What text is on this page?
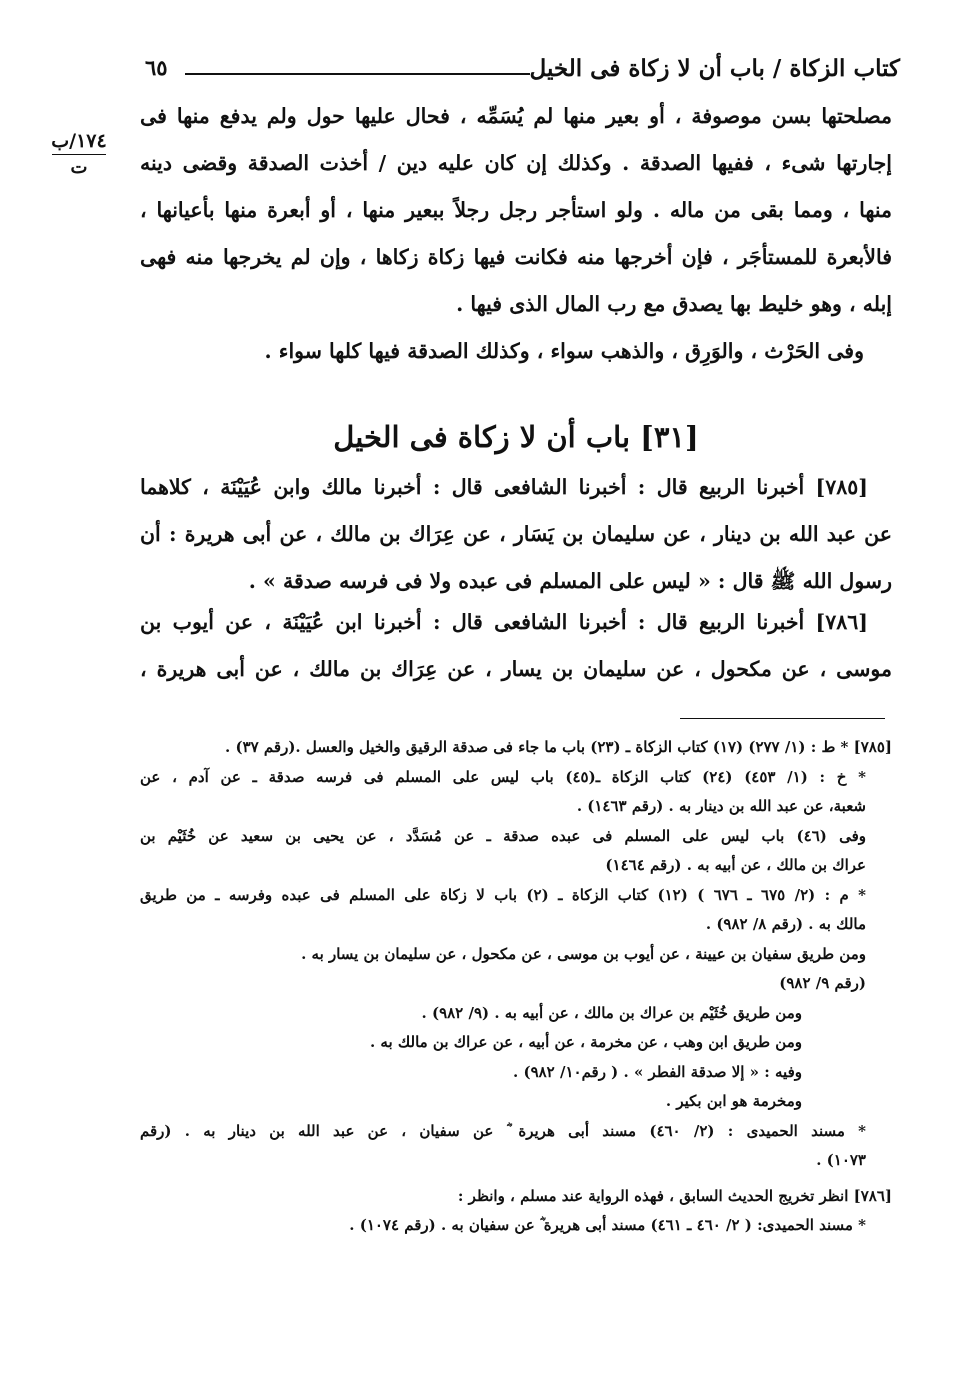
كتاب الزكاة / باب أن لا زكاة فى الخيل
٦٥
١٧٤/ب
ت
مصلحتها بسن موصوفة ، أو بعير منها لم يُسَمِّه ، فحال عليها حول ولم يدفع منها فى
إجارتها شىء ، ففيها الصدقة . وكذلك إن كان عليه دين / أخذت الصدقة وقضى دينه
منها ، ومما بقى من ماله . ولو استأجر رجل رجلاً ببعير منها ، أو أبعرة منها بأعيانها ،
فالأبعرة للمستأجَر ، فإن أخرجها منه فكانت فيها زكاة زكاها ، وإن لم يخرجها منه فهى
إبله ، وهو خليط بها يصدق مع رب المال الذى فيها .
وفى الحَرْث ، والوَرِق ، والذهب سواء ، وكذلك الصدقة فيها كلها سواء .
[٣١] باب أن لا زكاة فى الخيل
[٧٨٥] أخبرنا الربيع قال : أخبرنا الشافعى قال : أخبرنا مالك وابن عُيَيْنَة ، كلاهما
عن عبد الله بن دينار ، عن سليمان بن يَسَار ، عن عِرَاك بن مالك ، عن أبى هريرة : أن
رسول الله ﷺ قال : « ليس على المسلم فى عبده ولا فى فرسه صدقة » .
[٧٨٦] أخبرنا الربيع قال : أخبرنا الشافعى قال : أخبرنا ابن عُيَيْنَة ، عن أيوب بن
موسى ، عن مكحول ، عن سليمان بن يسار ، عن عِرَاك بن مالك ، عن أبى هريرة ،
[٧٨٥] * ط : (١/ ٢٧٧) (١٧) كتاب الزكاة ـ (٢٣) باب ما جاء فى صدقة الرقيق والخيل والعسل .(رقم ٣٧) .
* خ : (١/ ٤٥٣) (٢٤) كتاب الزكاة ـ(٤٥) باب ليس على المسلم فى فرسه صدقة ـ عن آدم ، عن
شعبة، عن عبد الله بن دينار به . (رقم ١٤٦٣) .
وفى (٤٦) باب ليس على المسلم فى عبده صدقة ـ عن مُسَدَّد ، عن يحيى بن سعيد عن خُثَيْم بن
عراك بن مالك ، عن أبيه به . (رقم ١٤٦٤)
* م : (٢/ ٦٧٥ ـ ٦٧٦ ) (١٢) كتاب الزكاة ـ (٢) باب لا زكاة على المسلم فى عبده وفرسه ـ من طريق
مالك به . (رقم ٨/ ٩٨٢) .
ومن طريق سفيان بن عيينة ، عن أيوب بن موسى ، عن مكحول ، عن سليمان بن يسار به .
(رقم ٩/ ٩٨٢)
ومن طريق خُثَيْم بن عراك بن مالك ، عن أبيه به . (٩/ ٩٨٢) .
ومن طريق ابن وهب ، عن مخرمة ، عن أبيه ، عن عراك بن مالك به .
وفيه : « إلا صدقة الفطر » . ( رقم١٠/ ٩٨٢) .
ومخرمة هو ابن بكير .
* مسند الحميدى : (٢/ ٤٦٠) مسند أبى هريرة ؓ عن سفيان ، عن عبد الله بن دينار به . (رقم
١٠٧٣) .
[٧٨٦] انظر تخريج الحديث السابق ، فهذه الرواية عند مسلم ، وانظر :
* مسند الحميدى: ( ٢/ ٤٦٠ ـ ٤٦١) مسند أبى هريرة ؓ عن سفيان به . (رقم ١٠٧٤) .
